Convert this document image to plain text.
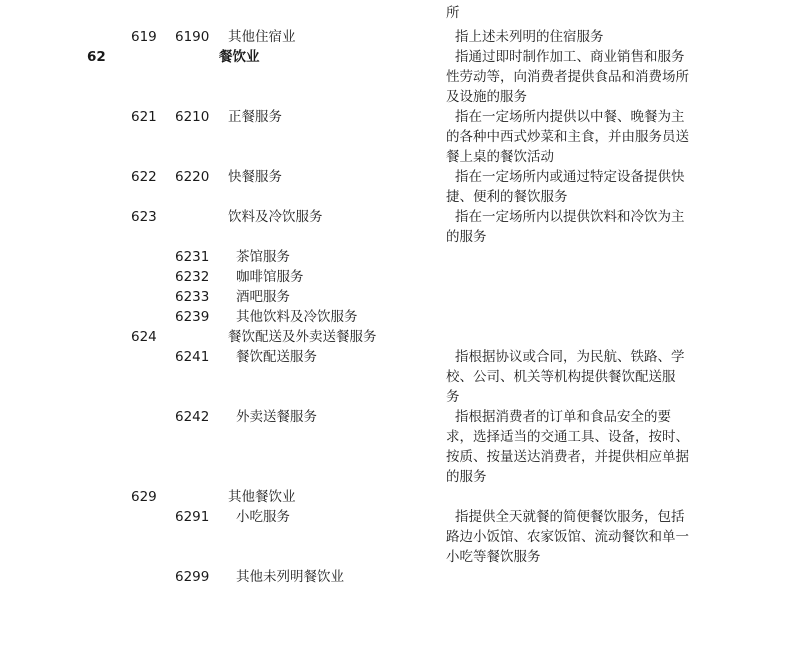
所
619 6190 其他住宿业	指上述未列明的住宿服务
62	餐饮业	指通过即时制作加工、商业销售和服务
性劳动等，向消费者提供食品和消费场所
及设施的服务
621 6210 正餐服务	指在一定场所内提供以中餐、晚餐为主
的各种中西式炒菜和主食，并由服务员送
餐上桌的餐饮活动
622 6220 快餐服务	指在一定场所内或通过特定设备提供快
捷、便利的餐饮服务
623	饮料及冷饮服务	指在一定场所内以提供饮料和冷饮为主
的服务
6231 茶馆服务
6232 咖啡馆服务
6233 酒吧服务
6239 其他饮料及冷饮服务
624	餐饮配送及外卖送餐服务
6241 餐饮配送服务	指根据协议或合同，为民航、铁路、学
校、公司、机关等机构提供餐饮配送服
务
6242 外卖送餐服务	指根据消费者的订单和食品安全的要
求，选择适当的交通工具、设备，按时、
按质、按量送达消费者，并提供相应单据
的服务
629	其他餐饮业
6291 小吃服务	指提供全天就餐的简便餐饮服务，包括
路边小饭馆、农家饭馆、流动餐饮和单一
小吃等餐饮服务
6299 其他未列明餐饮业
